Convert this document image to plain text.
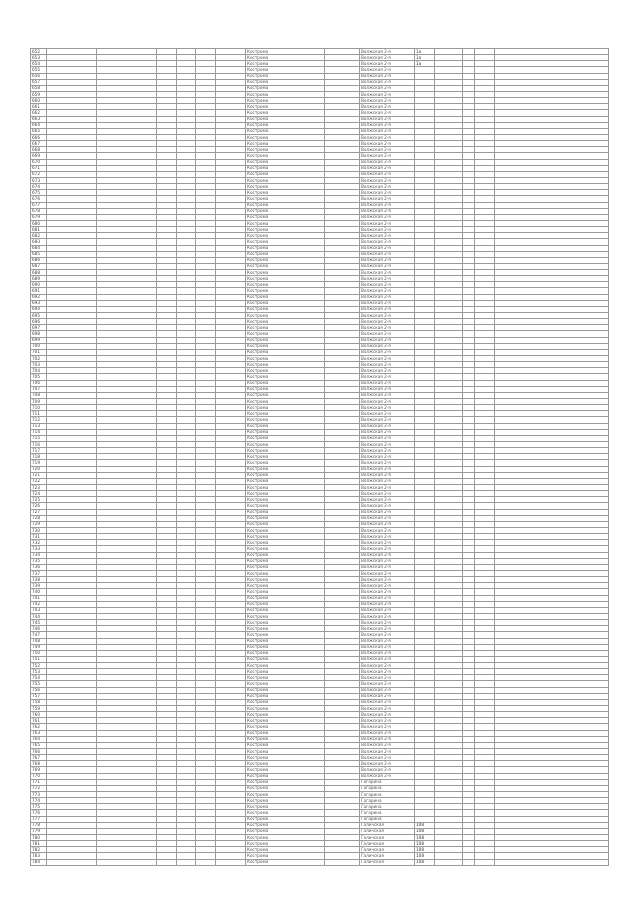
652							Кострома		Волжская 2-я	1а				
653							Кострома		Волжская 2-я	1а				
654							Кострома		Волжская 2-я	1а				
655							Кострома		Волжская 2-я					
656							Кострома		Волжская 2-я					
657							Кострома		Волжская 2-я					
658							Кострома		Волжская 2-я					
659							Кострома		Волжская 2-я					
660							Кострома		Волжская 2-я					
661							Кострома		Волжская 2-я					
662							Кострома		Волжская 2-я					
663							Кострома		Волжская 2-я					
664							Кострома		Волжская 2-я					
665							Кострома		Волжская 2-я					
666							Кострома		Волжская 2-я					
667							Кострома		Волжская 2-я					
668							Кострома		Волжская 2-я					
669							Кострома		Волжская 2-я					
670							Кострома		Волжская 2-я					
671							Кострома		Волжская 2-я					
672							Кострома		Волжская 2-я					
673							Кострома		Волжская 2-я					
674							Кострома		Волжская 2-я					
675							Кострома		Волжская 2-я					
676							Кострома		Волжская 2-я					
677							Кострома		Волжская 2-я					
678							Кострома		Волжская 2-я					
679							Кострома		Волжская 2-я					
680							Кострома		Волжская 2-я					
681							Кострома		Волжская 2-я					
682							Кострома		Волжская 2-я					
683							Кострома		Волжская 2-я					
684							Кострома		Волжская 2-я					
685							Кострома		Волжская 2-я					
686							Кострома		Волжская 2-я					
687							Кострома		Волжская 2-я					
688							Кострома		Волжская 2-я					
689							Кострома		Волжская 2-я					
690							Кострома		Волжская 2-я					
691							Кострома		Волжская 2-я					
692							Кострома		Волжская 2-я					
693							Кострома		Волжская 2-я					
694							Кострома		Волжская 2-я					
695							Кострома		Волжская 2-я					
696							Кострома		Волжская 2-я					
697							Кострома		Волжская 2-я					
698							Кострома		Волжская 2-я					
699							Кострома		Волжская 2-я					
700							Кострома		Волжская 2-я					
701							Кострома		Волжская 2-я					
702							Кострома		Волжская 2-я					
703							Кострома		Волжская 2-я					
704							Кострома		Волжская 2-я					
705							Кострома		Волжская 2-я					
706							Кострома		Волжская 2-я					
707							Кострома		Волжская 2-я					
708							Кострома		Волжская 2-я					
709							Кострома		Волжская 2-я					
710							Кострома		Волжская 2-я					
711							Кострома		Волжская 2-я					
712							Кострома		Волжская 2-я					
713							Кострома		Волжская 2-я					
714							Кострома		Волжская 2-я					
715							Кострома		Волжская 2-я					
716							Кострома		Волжская 2-я					
717							Кострома		Волжская 2-я					
718							Кострома		Волжская 2-я					
719							Кострома		Волжская 2-я					
720							Кострома		Волжская 2-я					
721							Кострома		Волжская 2-я					
722							Кострома		Волжская 2-я					
723							Кострома		Волжская 2-я					
724							Кострома		Волжская 2-я					
725							Кострома		Волжская 2-я					
726							Кострома		Волжская 2-я					
727							Кострома		Волжская 2-я					
728							Кострома		Волжская 2-я					
729							Кострома		Волжская 2-я					
730							Кострома		Волжская 2-я					
731							Кострома		Волжская 2-я					
732							Кострома		Волжская 2-я					
733							Кострома		Волжская 2-я					
734							Кострома		Волжская 2-я					
735							Кострома		Волжская 2-я					
736							Кострома		Волжская 2-я					
737							Кострома		Волжская 2-я					
738							Кострома		Волжская 2-я					
739							Кострома		Волжская 2-я					
740							Кострома		Волжская 2-я					
741							Кострома		Волжская 2-я					
742							Кострома		Волжская 2-я					
743							Кострома		Волжская 2-я					
744							Кострома		Волжская 2-я					
745							Кострома		Волжская 2-я					
746							Кострома		Волжская 2-я					
747							Кострома		Волжская 2-я					
748							Кострома		Волжская 2-я					
749							Кострома		Волжская 2-я					
750							Кострома		Волжская 2-я					
751							Кострома		Волжская 2-я					
752							Кострома		Волжская 2-я					
753							Кострома		Волжская 2-я					
754							Кострома		Волжская 2-я					
755							Кострома		Волжская 2-я					
756							Кострома		Волжская 2-я					
757							Кострома		Волжская 2-я					
758							Кострома		Волжская 2-я					
759							Кострома		Волжская 2-я					
760							Кострома		Волжская 2-я					
761							Кострома		Волжская 2-я					
762							Кострома		Волжская 2-я					
763							Кострома		Волжская 2-я					
764							Кострома		Волжская 2-я					
765							Кострома		Волжская 2-я					
766							Кострома		Волжская 2-я					
767							Кострома		Волжская 2-я					
768							Кострома		Волжская 2-я					
769							Кострома		Волжская 2-я					
770							Кострома		Волжская 2-я					
771							Кострома		Гагарина					
772							Кострома		Гагарина					
773							Кострома		Гагарина					
774							Кострома		Гагарина					
775							Кострома		Гагарина					
776							Кострома		Гагарина					
777							Кострома		Гагарина					
778							Кострома		Галичская	108				
779							Кострома		Галичская	108				
780							Кострома		Галичская	108				
781							Кострома		Галичская	108				
782							Кострома		Галичская	108				
783							Кострома		Галичская	108				
784							Кострома		Галичская	108				
